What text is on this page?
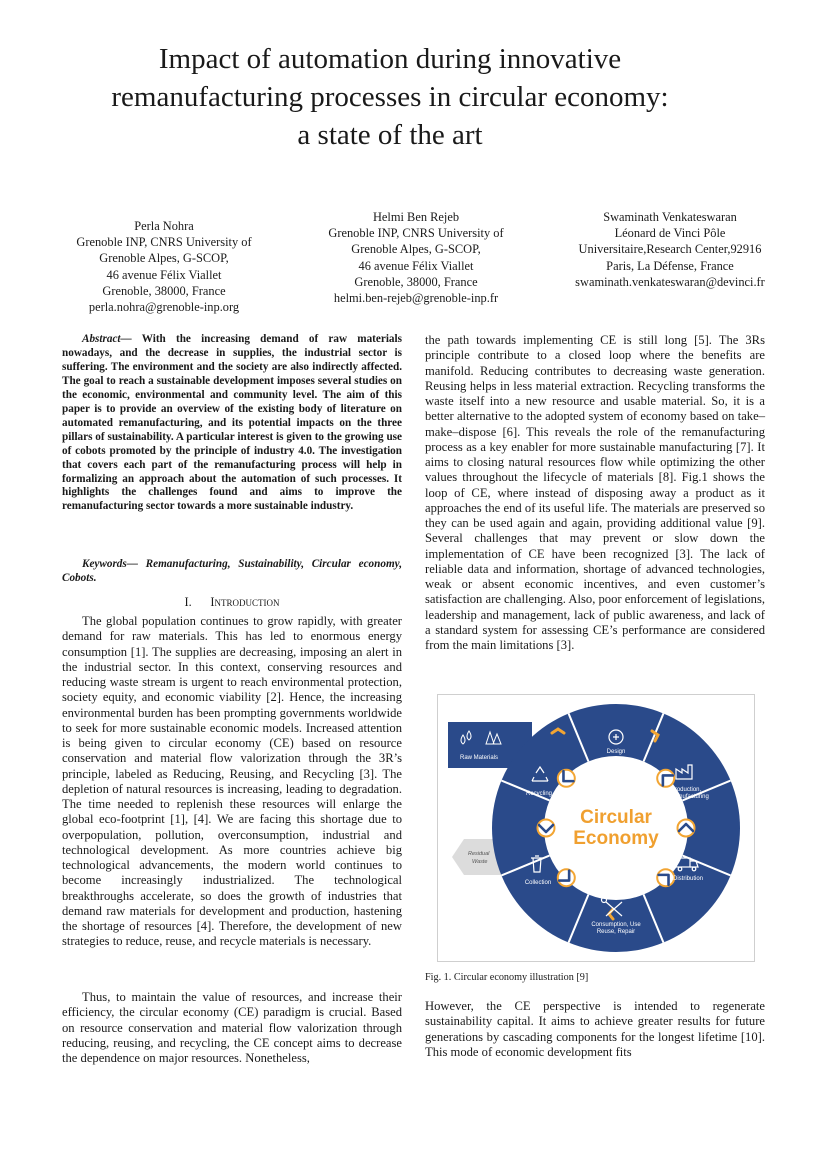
Impact of automation during innovative
remanufacturing processes in circular economy:
a state of the art
Perla Nohra
Grenoble INP, CNRS University of
Grenoble Alpes, G-SCOP,
46 avenue Félix Viallet
Grenoble, 38000, France
perla.nohra@grenoble-inp.org
Helmi Ben Rejeb
Grenoble INP, CNRS University of
Grenoble Alpes, G-SCOP,
46 avenue Félix Viallet
Grenoble, 38000, France
helmi.ben-rejeb@grenoble-inp.fr
Swaminath Venkateswaran
Léonard de Vinci Pôle
Universitaire,Research Center,92916
Paris, La Défense, France
swaminath.venkateswaran@devinci.fr
Abstract— With the increasing demand of raw materials nowadays, and the decrease in supplies, the industrial sector is suffering. The environment and the society are also indirectly affected. The goal to reach a sustainable development imposes several studies on the economic, environmental and community level. The aim of this paper is to provide an overview of the existing body of literature on automated remanufacturing, and its potential impacts on the three pillars of sustainability. A particular interest is given to the growing use of cobots promoted by the principle of industry 4.0. The investigation that covers each part of the remanufacturing process will help in formalizing an approach about the automation of such processes. It highlights the challenges found and aims to improve the remanufacturing sector towards a more sustainable industry.
Keywords— Remanufacturing, Sustainability, Circular economy, Cobots.
I. Introduction
The global population continues to grow rapidly, with greater demand for raw materials. This has led to enormous energy consumption [1]. The supplies are decreasing, imposing an alert in the industrial sector. In this context, conserving resources and reducing waste stream is urgent to reach environmental protection, society equity, and economic viability [2]. Hence, the increasing environmental burden has been prompting governments worldwide to seek for more sustainable economic models. Increased attention is being given to circular economy (CE) based on resource conservation and material flow valorization through the 3R’s principle, labeled as Reducing, Reusing, and Recycling [3]. The depletion of natural resources is increasing, leading to degradation. The time needed to replenish these resources will enlarge the global eco-footprint [1], [4]. We are facing this shortage due to overpopulation, pollution, overconsumption, industrial and technological development. As more countries achieve big technological advancements, the modern world continues to become increasingly industrialized. The technological breakthroughs accelerate, so does the growth of industries that demand raw materials for development and production, hastening the shortage of resources [4]. Therefore, the development of new strategies to reduce, reuse, and recycle materials is necessary.
Thus, to maintain the value of resources, and increase their efficiency, the circular economy (CE) paradigm is crucial. Based on resource conservation and material flow valorization through reducing, reusing, and recycling, the CE concept aims to decrease the dependence on major resources. Nonetheless,
the path towards implementing CE is still long [5]. The 3Rs principle contribute to a closed loop where the benefits are manifold. Reducing contributes to decreasing waste generation. Reusing helps in less material extraction. Recycling transforms the waste itself into a new resource and usable material. So, it is a better alternative to the adopted system of economy based on take–make–dispose [6]. This reveals the role of the remanufacturing process as a key enabler for more sustainable manufacturing [7]. It aims to closing natural resources flow while optimizing the other values throughout the lifecycle of materials [8]. Fig.1 shows the loop of CE, where instead of disposing away a product as it approaches the end of its useful life. The materials are preserved so they can be used again and again, providing additional value [9]. Several challenges that may prevent or slow down the implementation of CE have been recognized [3]. The lack of reliable data and information, shortage of advanced technologies, weak or absent economic incentives, and even customer’s satisfaction are challenging. Also, poor enforcement of legislations, leadership and management, lack of public awareness, and lack of a standard system for assessing CE’s performance are considered from the main limitations [3].
Raw Materials
Residual
Waste
Design
Production,
Remanufacturing
Distribution
Consumption, Use
Reuse, Repair
Collection
Recycling
Circular
Economy
Fig. 1. Circular economy illustration [9]
However, the CE perspective is intended to regenerate sustainability capital. It aims to achieve greater results for future generations by cascading components for the longest lifetime [10]. This mode of economic development fits
